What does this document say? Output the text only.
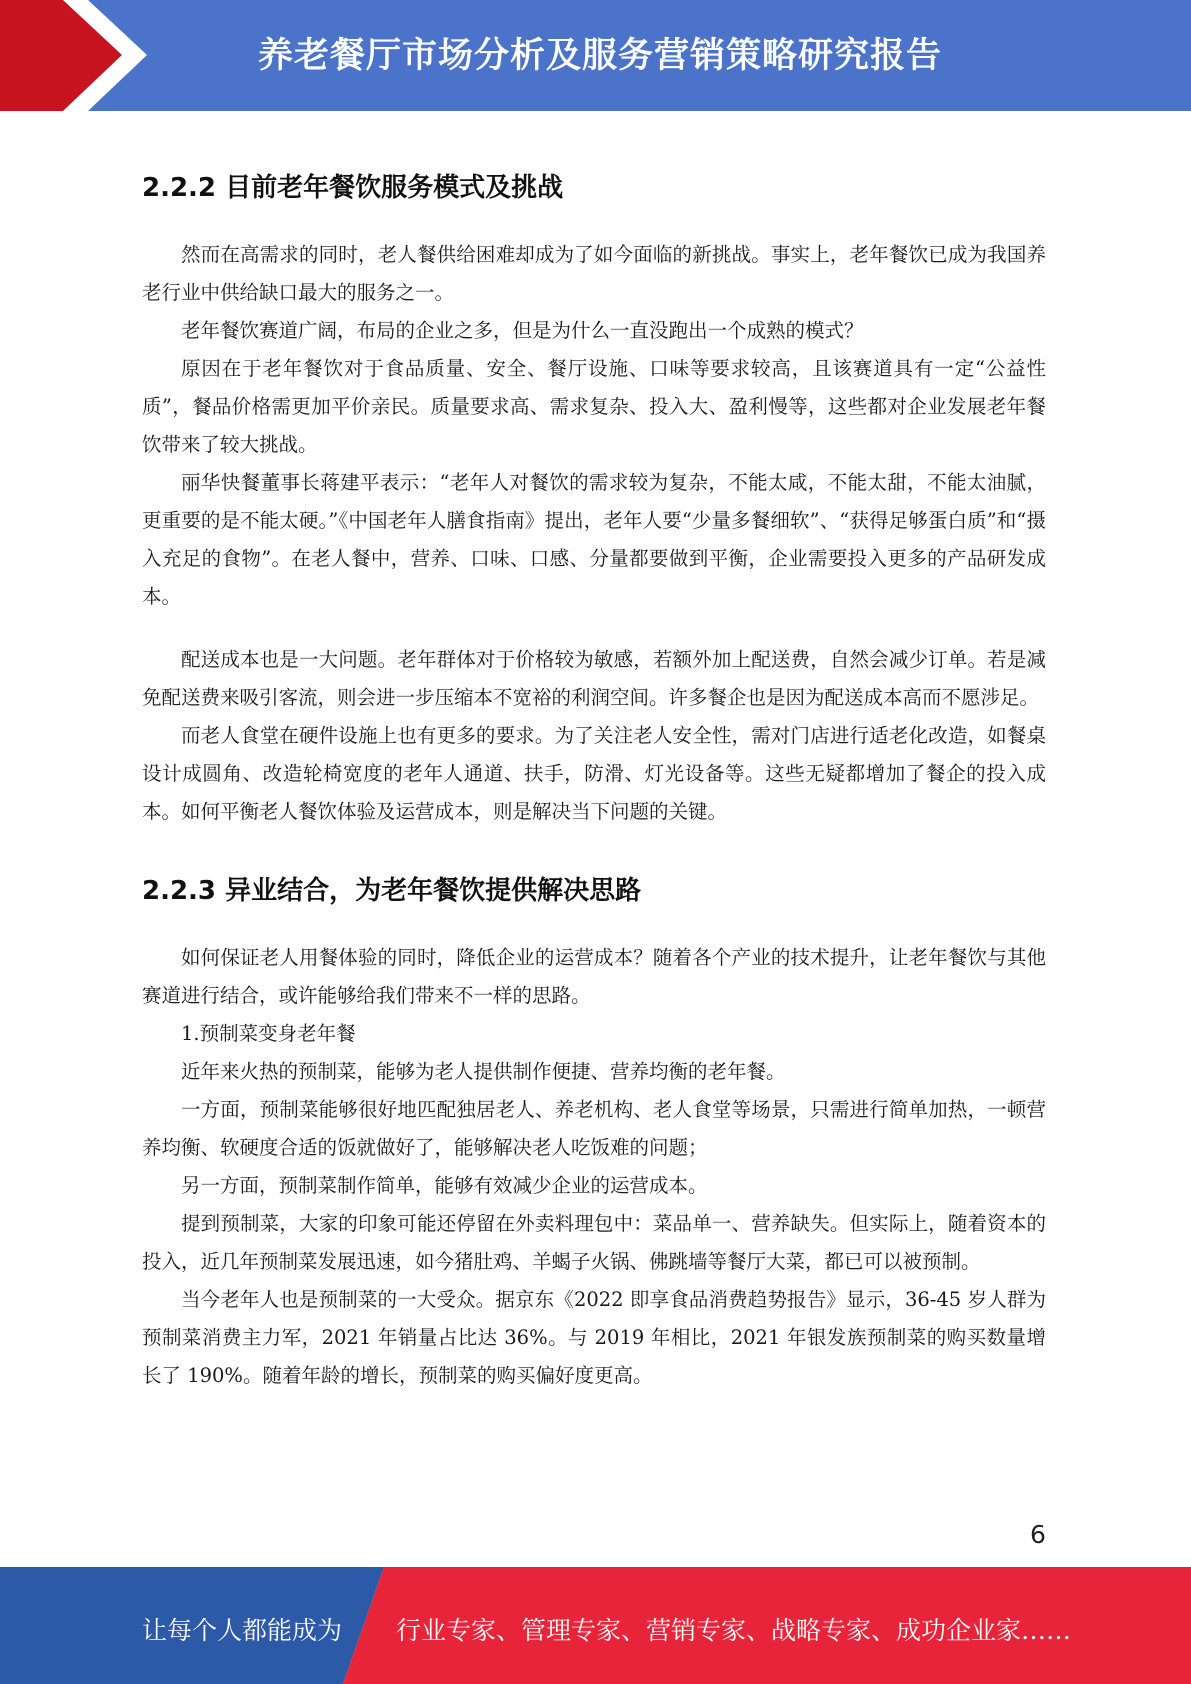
养老餐厅市场分析及服务营销策略研究报告
2.2.2 目前老年餐饮服务模式及挑战

然而在高需求的同时，老人餐供给困难却成为了如今面临的新挑战。事实上，老年餐饮已成为我国养老行业中供给缺口最大的服务之一。

老年餐饮赛道广阔，布局的企业之多，但是为什么一直没跑出一个成熟的模式？

原因在于老年餐饮对于食品质量、安全、餐厅设施、口味等要求较高，且该赛道具有一定“公益性质”，餐品价格需更加平价亲民。质量要求高、需求复杂、投入大、盈利慢等，这些都对企业发展老年餐饮带来了较大挑战。

丽华快餐董事长蒋建平表示：“老年人对餐饮的需求较为复杂，不能太咸，不能太甜，不能太油腻，更重要的是不能太硬。”《中国老年人膳食指南》提出，老年人要“少量多餐细软”、“获得足够蛋白质”和“摄入充足的食物”。在老人餐中，营养、口味、口感、分量都要做到平衡，企业需要投入更多的产品研发成本。

配送成本也是一大问题。老年群体对于价格较为敏感，若额外加上配送费，自然会减少订单。若是减免配送费来吸引客流，则会进一步压缩本不宽裕的利润空间。许多餐企也是因为配送成本高而不愿涉足。

而老人食堂在硬件设施上也有更多的要求。为了关注老人安全性，需对门店进行适老化改造，如餐桌设计成圆角、改造轮椅宽度的老年人通道、扶手，防滑、灯光设备等。这些无疑都增加了餐企的投入成本。如何平衡老人餐饮体验及运营成本，则是解决当下问题的关键。

2.2.3 异业结合，为老年餐饮提供解决思路

如何保证老人用餐体验的同时，降低企业的运营成本？随着各个产业的技术提升，让老年餐饮与其他赛道进行结合，或许能够给我们带来不一样的思路。

1.预制菜变身老年餐

近年来火热的预制菜，能够为老人提供制作便捷、营养均衡的老年餐。

一方面，预制菜能够很好地匹配独居老人、养老机构、老人食堂等场景，只需进行简单加热，一顿营养均衡、软硬度合适的饭就做好了，能够解决老人吃饭难的问题；

另一方面，预制菜制作简单，能够有效减少企业的运营成本。

提到预制菜，大家的印象可能还停留在外卖料理包中：菜品单一、营养缺失。但实际上，随着资本的投入，近几年预制菜发展迅速，如今猪肚鸡、羊蝎子火锅、佛跳墙等餐厅大菜，都已可以被预制。

当今老年人也是预制菜的一大受众。据京东《2022 即享食品消费趋势报告》显示，36-45 岁人群为预制菜消费主力军，2021 年销量占比达 36%。与 2019 年相比，2021 年银发族预制菜的购买数量增长了 190%。随着年龄的增长，预制菜的购买偏好度更高。

6
让每个人都能成为 行业专家、管理专家、营销专家、战略专家、成功企业家……
